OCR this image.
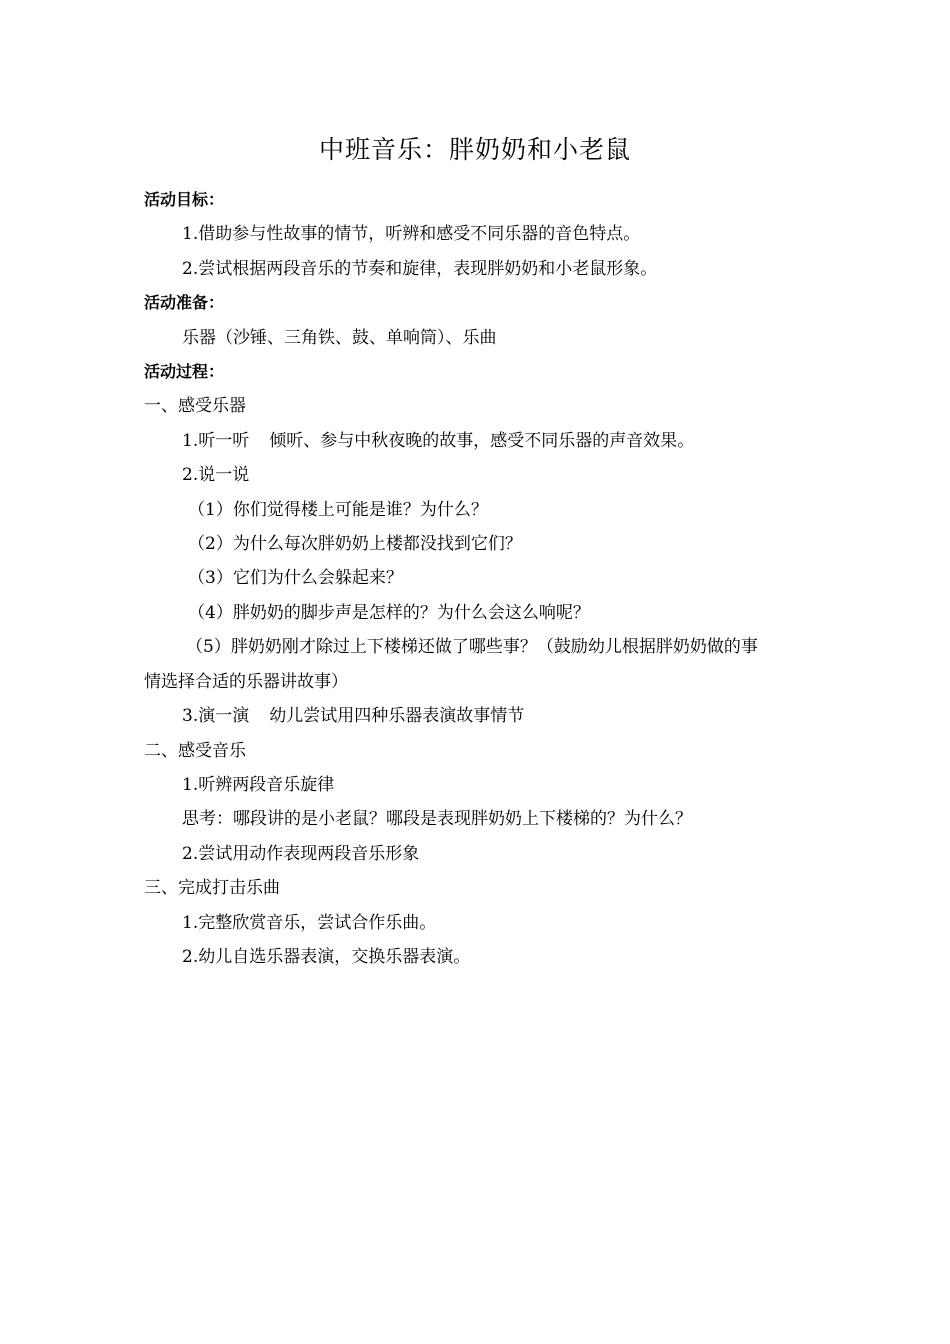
中班音乐：胖奶奶和小老鼠

活动目标：

1.借助参与性故事的情节，听辨和感受不同乐器的音色特点。

2.尝试根据两段音乐的节奏和旋律，表现胖奶奶和小老鼠形象。

活动准备：

乐器（沙锤、三角铁、鼓、单响筒）、乐曲

活动过程：

一、感受乐器

1.听一听 倾听、参与中秋夜晚的故事，感受不同乐器的声音效果。

2.说一说

（1）你们觉得楼上可能是谁？为什么？

（2）为什么每次胖奶奶上楼都没找到它们？

（3）它们为什么会躲起来？

（4）胖奶奶的脚步声是怎样的？为什么会这么响呢？

（5）胖奶奶刚才除过上下楼梯还做了哪些事？（鼓励幼儿根据胖奶奶做的事

情选择合适的乐器讲故事）

3.演一演 幼儿尝试用四种乐器表演故事情节

二、感受音乐

1.听辨两段音乐旋律

思考：哪段讲的是小老鼠？哪段是表现胖奶奶上下楼梯的？为什么？

2.尝试用动作表现两段音乐形象

三、完成打击乐曲

1.完整欣赏音乐，尝试合作乐曲。

2.幼儿自选乐器表演，交换乐器表演。
